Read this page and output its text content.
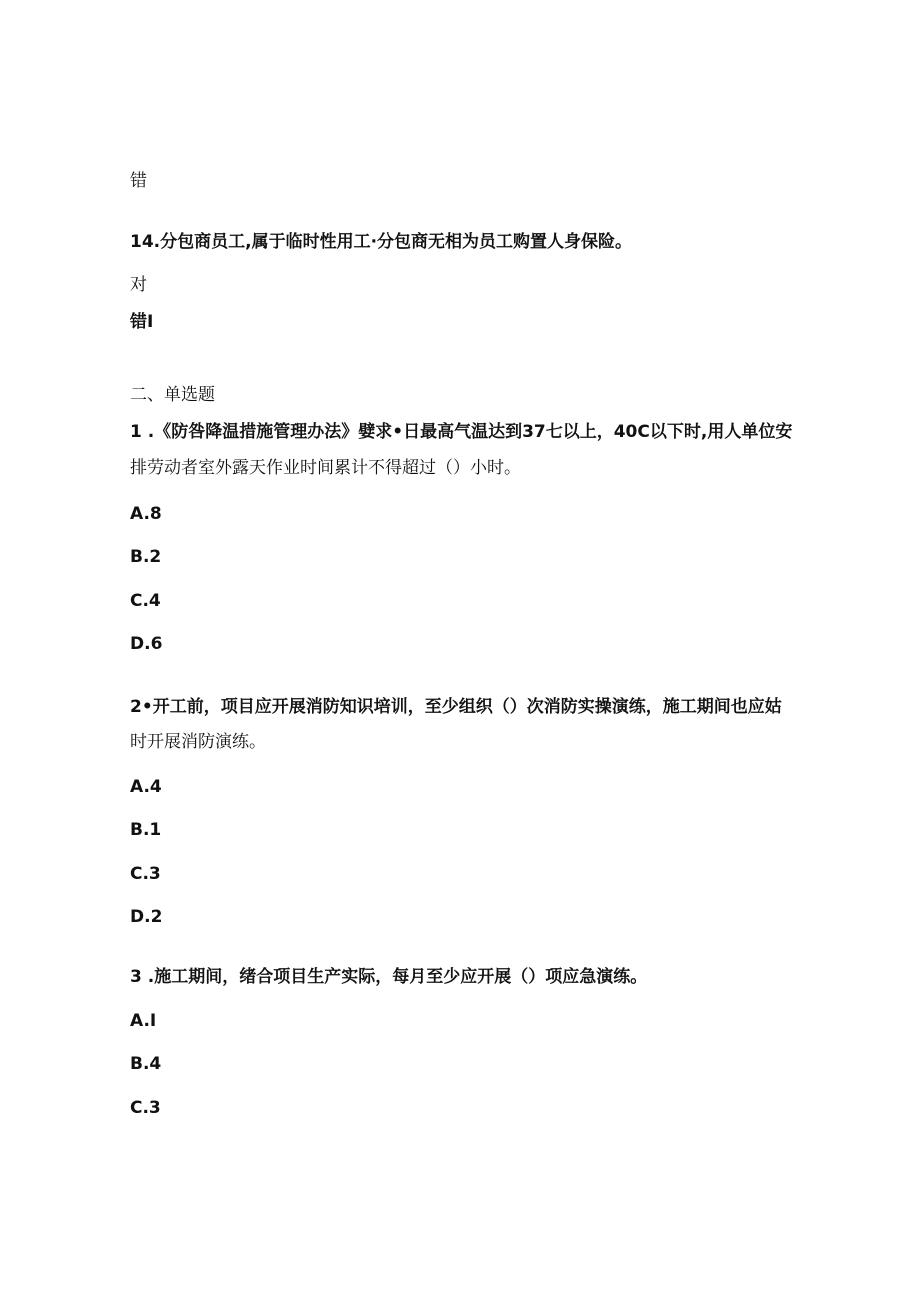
错
14.分包商员工,属于临时性用工·分包商无相为员工购置人身保险。
对
错I
二、单选题
1 .《防咎降温措施管理办法》嬖求•日最高气温达到37七以上，40C以下时,用人单位安
排劳动者室外露天作业时间累计不得超过（）小时。
A.8
B.2
C.4
D.6
2•开工前，项目应开展消防知识培训，至少组织（）次消防实操演练，施工期间也应姑
时开展消防演练。
A.4
B.1
C.3
D.2
3 .施工期间，绪合项目生产实际，每月至少应开展（）项应急演练。
A.I
B.4
C.3
